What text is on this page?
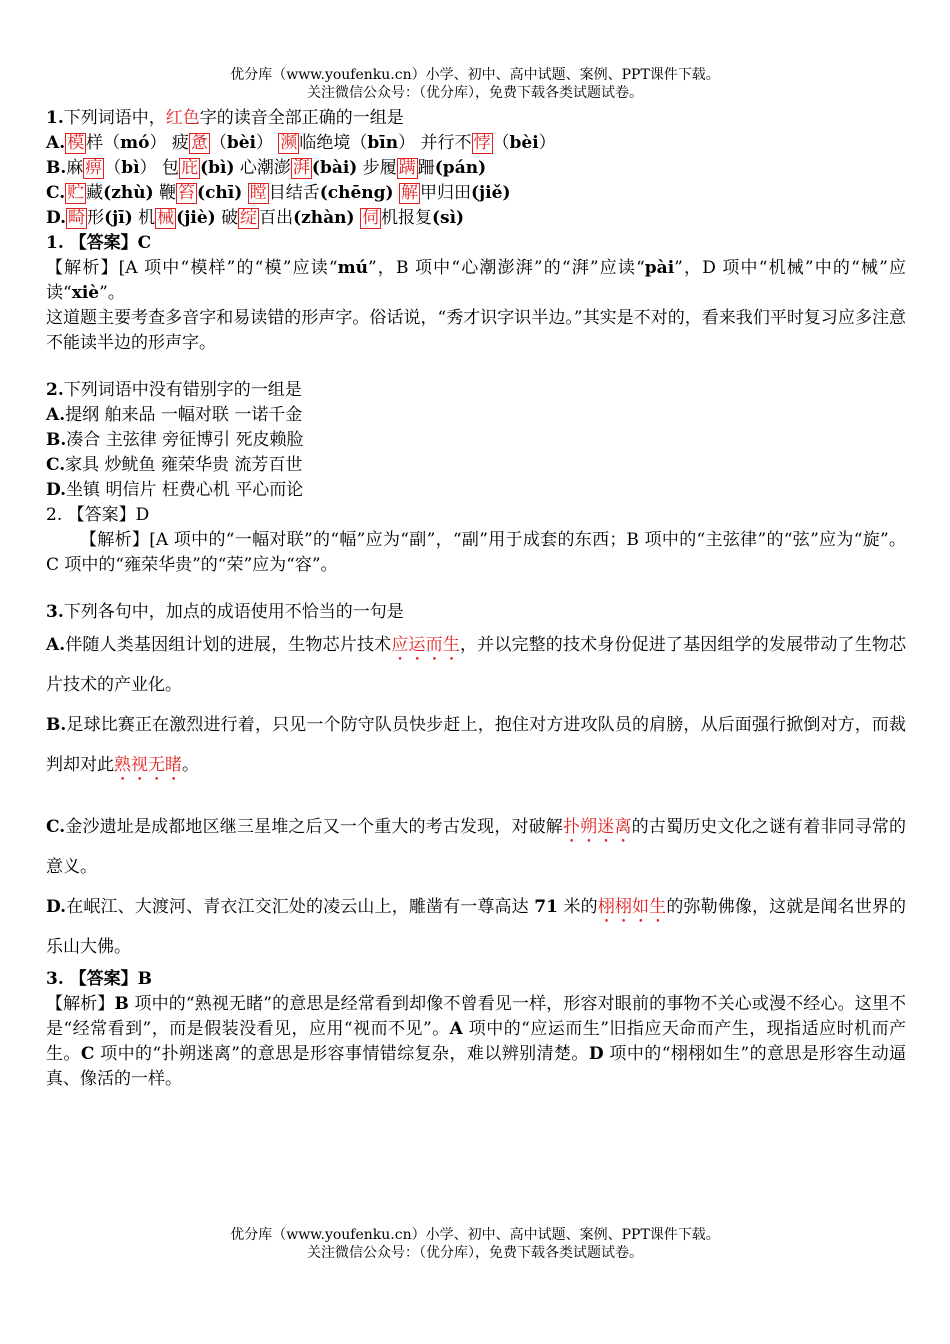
优分库（www.youfenku.cn）小学、初中、高中试题、案例、PPT课件下载。
关注微信公众号：（优分库），免费下载各类试题试卷。
1.下列词语中，红色字的读音全部正确的一组是
A. 模 样（mó） 疲 惫 （bèi） 濒 临绝境（bīn） 并行不 悖 （bèi）
B.麻 痹 （bì） 包 庇 (bì) 心潮澎 湃 (bài) 步履 蹒 跚(pán)
C. 贮 藏(zhù) 鞭 笞 (chī) 瞠 目结舌(chēng) 解 甲归田(jiě)
D. 畸 形(jī) 机 械 (jiè) 破 绽 百出(zhàn) 伺 机报复(sì)
1. 【答案】C
【解析】[A 项中“模样”的“模”应读“mú”，B 项中“心潮澎湃”的“湃”应读“pài”，D 项中“机械”中的“械”应读“xiè”。
这道题主要考查多音字和易读错的形声字。俗话说，“秀才识字识半边。”其实是不对的，看来我们平时复习应多注意不能读半边的形声字。
2.下列词语中没有错别字的一组是
A.提纲 舶来品 一幅对联 一诺千金
B.凑合 主弦律 旁征博引 死皮赖脸
C.家具 炒鱿鱼 雍荣华贵 流芳百世
D.坐镇 明信片 枉费心机 平心而论
2. 【答案】D
【解析】[A 项中的“一幅对联”的“幅”应为“副”，“副”用于成套的东西；B 项中的“主弦律”的“弦”应为“旋”。 C 项中的“雍荣华贵”的“荣”应为“容”。
3.下列各句中，加点的成语使用不恰当的一句是
A.伴随人类基因组计划的进展，生物芯片技术应运而生，并以完整的技术身份促进了基因组学的发展带动了生物芯片技术的产业化。
B.足球比赛正在激烈进行着，只见一个防守队员快步赶上，抱住对方进攻队员的肩膀，从后面强行掀倒对方，而裁判却对此熟视无睹。
C.金沙遗址是成都地区继三星堆之后又一个重大的考古发现，对破解扑朔迷离的古蜀历史文化之谜有着非同寻常的意义。
D.在岷江、大渡河、青衣江交汇处的凌云山上，雕凿有一尊高达 71 米的栩栩如生的弥勒佛像，这就是闻名世界的乐山大佛。
3. 【答案】B
【解析】B 项中的“熟视无睹”的意思是经常看到却像不曾看见一样，形容对眼前的事物不关心或漫不经心。这里不是“经常看到”，而是假装没看见，应用“视而不见”。A 项中的“应运而生”旧指应天命而产生，现指适应时机而产生。C 项中的“扑朔迷离”的意思是形容事情错综复杂，难以辨别清楚。D 项中的“栩栩如生”的意思是形容生动逼真、像活的一样。
优分库（www.youfenku.cn）小学、初中、高中试题、案例、PPT课件下载。
关注微信公众号：（优分库），免费下载各类试题试卷。
